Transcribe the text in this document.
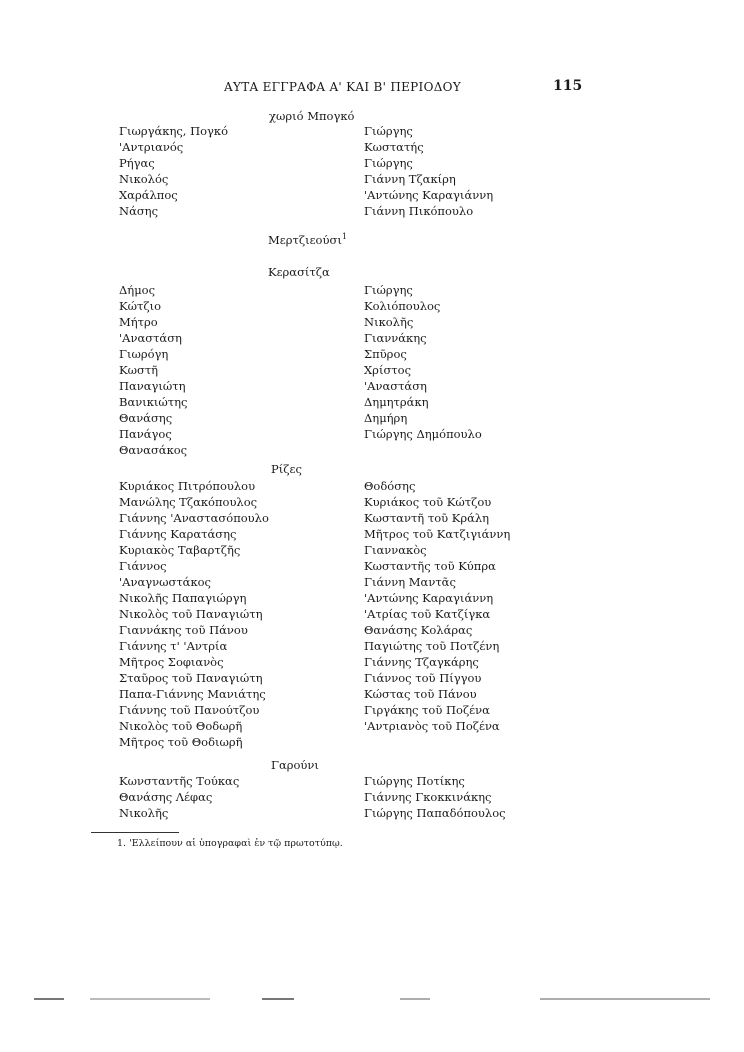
ΑΥΤΑ ΕΓΓΡΑΦΑ Α' ΚΑΙ Β' ΠΕΡΙΟΔΟΥ	115
χωριό Μπογκό
Γιωργάκης, Πογκό
'Αντριανός
Ρήγας
Νικολός
Χαράλπος
Νάσης
Γιώργης
Κωστατής
Γιώργης
Γιάννη Τζακίρη
'Αντώνης Καραγιάννη
Γιάννη Πικόπουλο
Μερτζιεούσι$^1$
Κερασίτζα
Δήμος
Κώτζιο
Μήτρο
'Αναστάση
Γιωρόγη
Κωστῆ
Παναγιώτη
Βανικιώτης
Θανάσης
Πανάγος
Θανασάκος
Γιώργης
Κολιόπουλος
Νικολῆς
Γιαννάκης
Σπῦρος
Χρίστος
'Αναστάση
Δημητράκη
Δημήρη
Γιώργης Δημόπουλο
Ρίζες
Κυριάκος Πιτρόπουλου
Μανώλης Τζακόπουλος
Γιάννης 'Αναστασόπουλο
Γιάννης Καρατάσης
Κυριακὸς Ταβαρτζῆς
Γιάννος
'Αναγνωστάκος
Νικολῆς Παπαγιώργη
Νικολὸς τοῦ Παναγιώτη
Γιαννάκης τοῦ Πάνου
Γιάννης τ' 'Αντρία
Μῆτρος Σοφιανὸς
Σταῦρος τοῦ Παναγιώτη
Παπα-Γιάννης Μανιάτης
Γιάννης τοῦ Πανούτζου
Νικολὸς τοῦ Θοδωρῆ
Μῆτρος τοῦ Θοδιωρῆ
Θοδόσης
Κυριάκος τοῦ Κώτζου
Κωσταντῆ τοῦ Κράλη
Μῆτρος τοῦ Κατζιγιάννη
Γιαννακὸς
Κωσταντῆς τοῦ Κύπρα
Γιάννη Μαντᾶς
'Αντώνης Καραγιάννη
'Ατρίας τοῦ Κατζίγκα
Θανάσης Κολάρας
Παγιώτης τοῦ Ποτζένη
Γιάννης Τζαγκάρης
Γιάννος τοῦ Πίγγου
Κώστας τοῦ Πάνου
Γιργάκης τοῦ Ποζένα
'Αντριανὸς τοῦ Ποζένα
Γαρούνι
Κωνσταντῆς Τούκας
Θανάσης Λέφας
Νικολῆς
Γιώργης Ποτίκης
Γιάννης Γκοκκινάκης
Γιώργης Παπαδόπουλος
1. 'Ελλείπουν αἱ ὑπογραφαὶ ἐν τῷ πρωτοτύπῳ.
